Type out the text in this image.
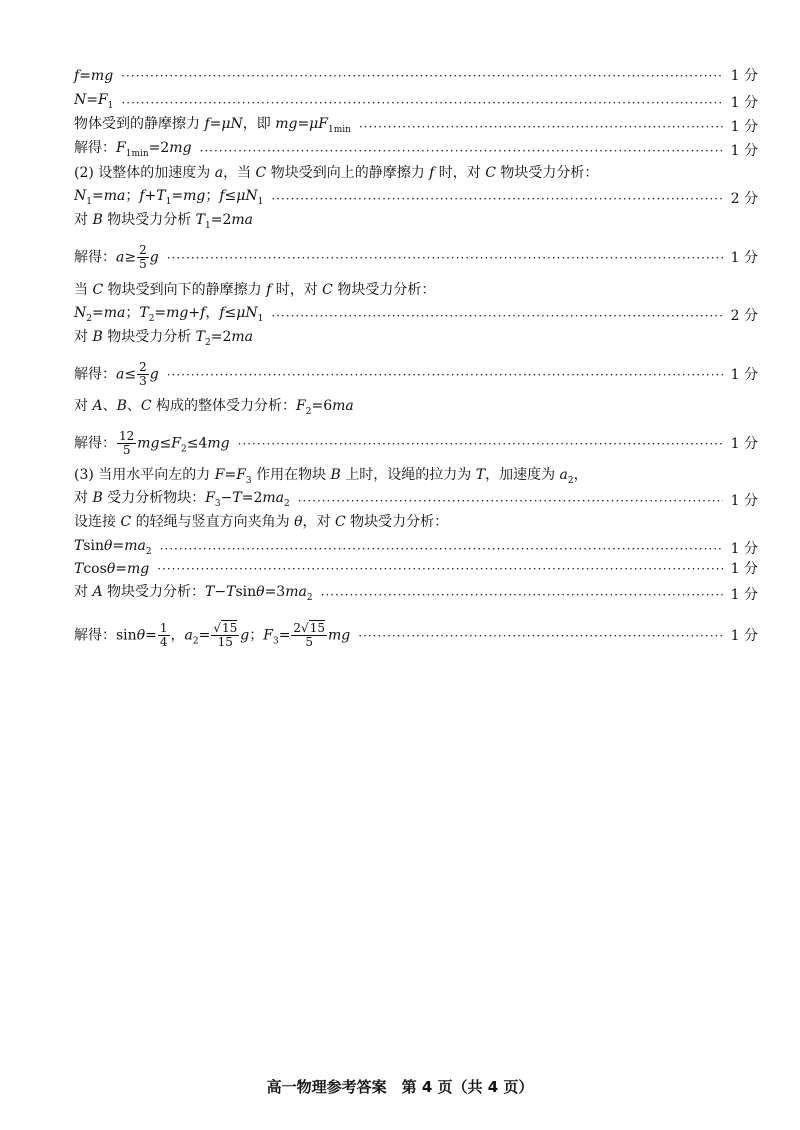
f=mg ·····	1 分
$N=F_1$ ·····	1 分
物体受到的静摩擦力 f=μN，即 $mg=\mu F_{1min}$ ·····	1 分
解得：$F_{1min}=2mg$ ·····	1 分
(2) 设整体的加速度为 a，当 C 物块受到向上的静摩擦力 f 时，对 C 物块受力分析：
$N_1=ma$；$f+T_1=mg$；$f\le\mu N_1$ ·····	2 分
对 B 物块受力分析 $T_1=2ma$
解得：$a\ge \frac{2}{5}$ g ·····	1 分
当 C 物块受到向下的静摩擦力 f 时，对 C 物块受力分析：
$N_2=ma$；$T_2=mg+f$，$f\le\mu N_1$ ·····	2 分
对 B 物块受力分析 $T_2=2ma$
解得：$a\le \frac{2}{3}$ g ·····	1 分
对 A、B、C 构成的整体受力分析：$F_2=6ma$
解得： $\frac{12}{5} mg\le F_2\le 4mg$ ·····	1 分
(3) 当用水平向左的力 $F=F_3$ 作用在物块 B 上时，设绳的拉力为 T，加速度为 $a_2$，
对 B 受力分析物块：$F_3-T=2ma_2$ ·····	1 分
设连接 C 的轻绳与竖直方向夹角为 θ，对 C 物块受力分析：
$Tsin\theta=ma_2$ ·····	1 分
Tcosθ=mg ·····	1 分
对 A 物块受力分析：$T-Tsin\theta=3ma_2$ ·····	1 分
解得：$\sin\theta= \frac{1}{4}$ ，$a_2= \frac{√15}{15}$ g；$F_3= \frac{2√15}{5}$ mg ·····	1 分
高一物理参考答案　第 4 页（共 4 页）
